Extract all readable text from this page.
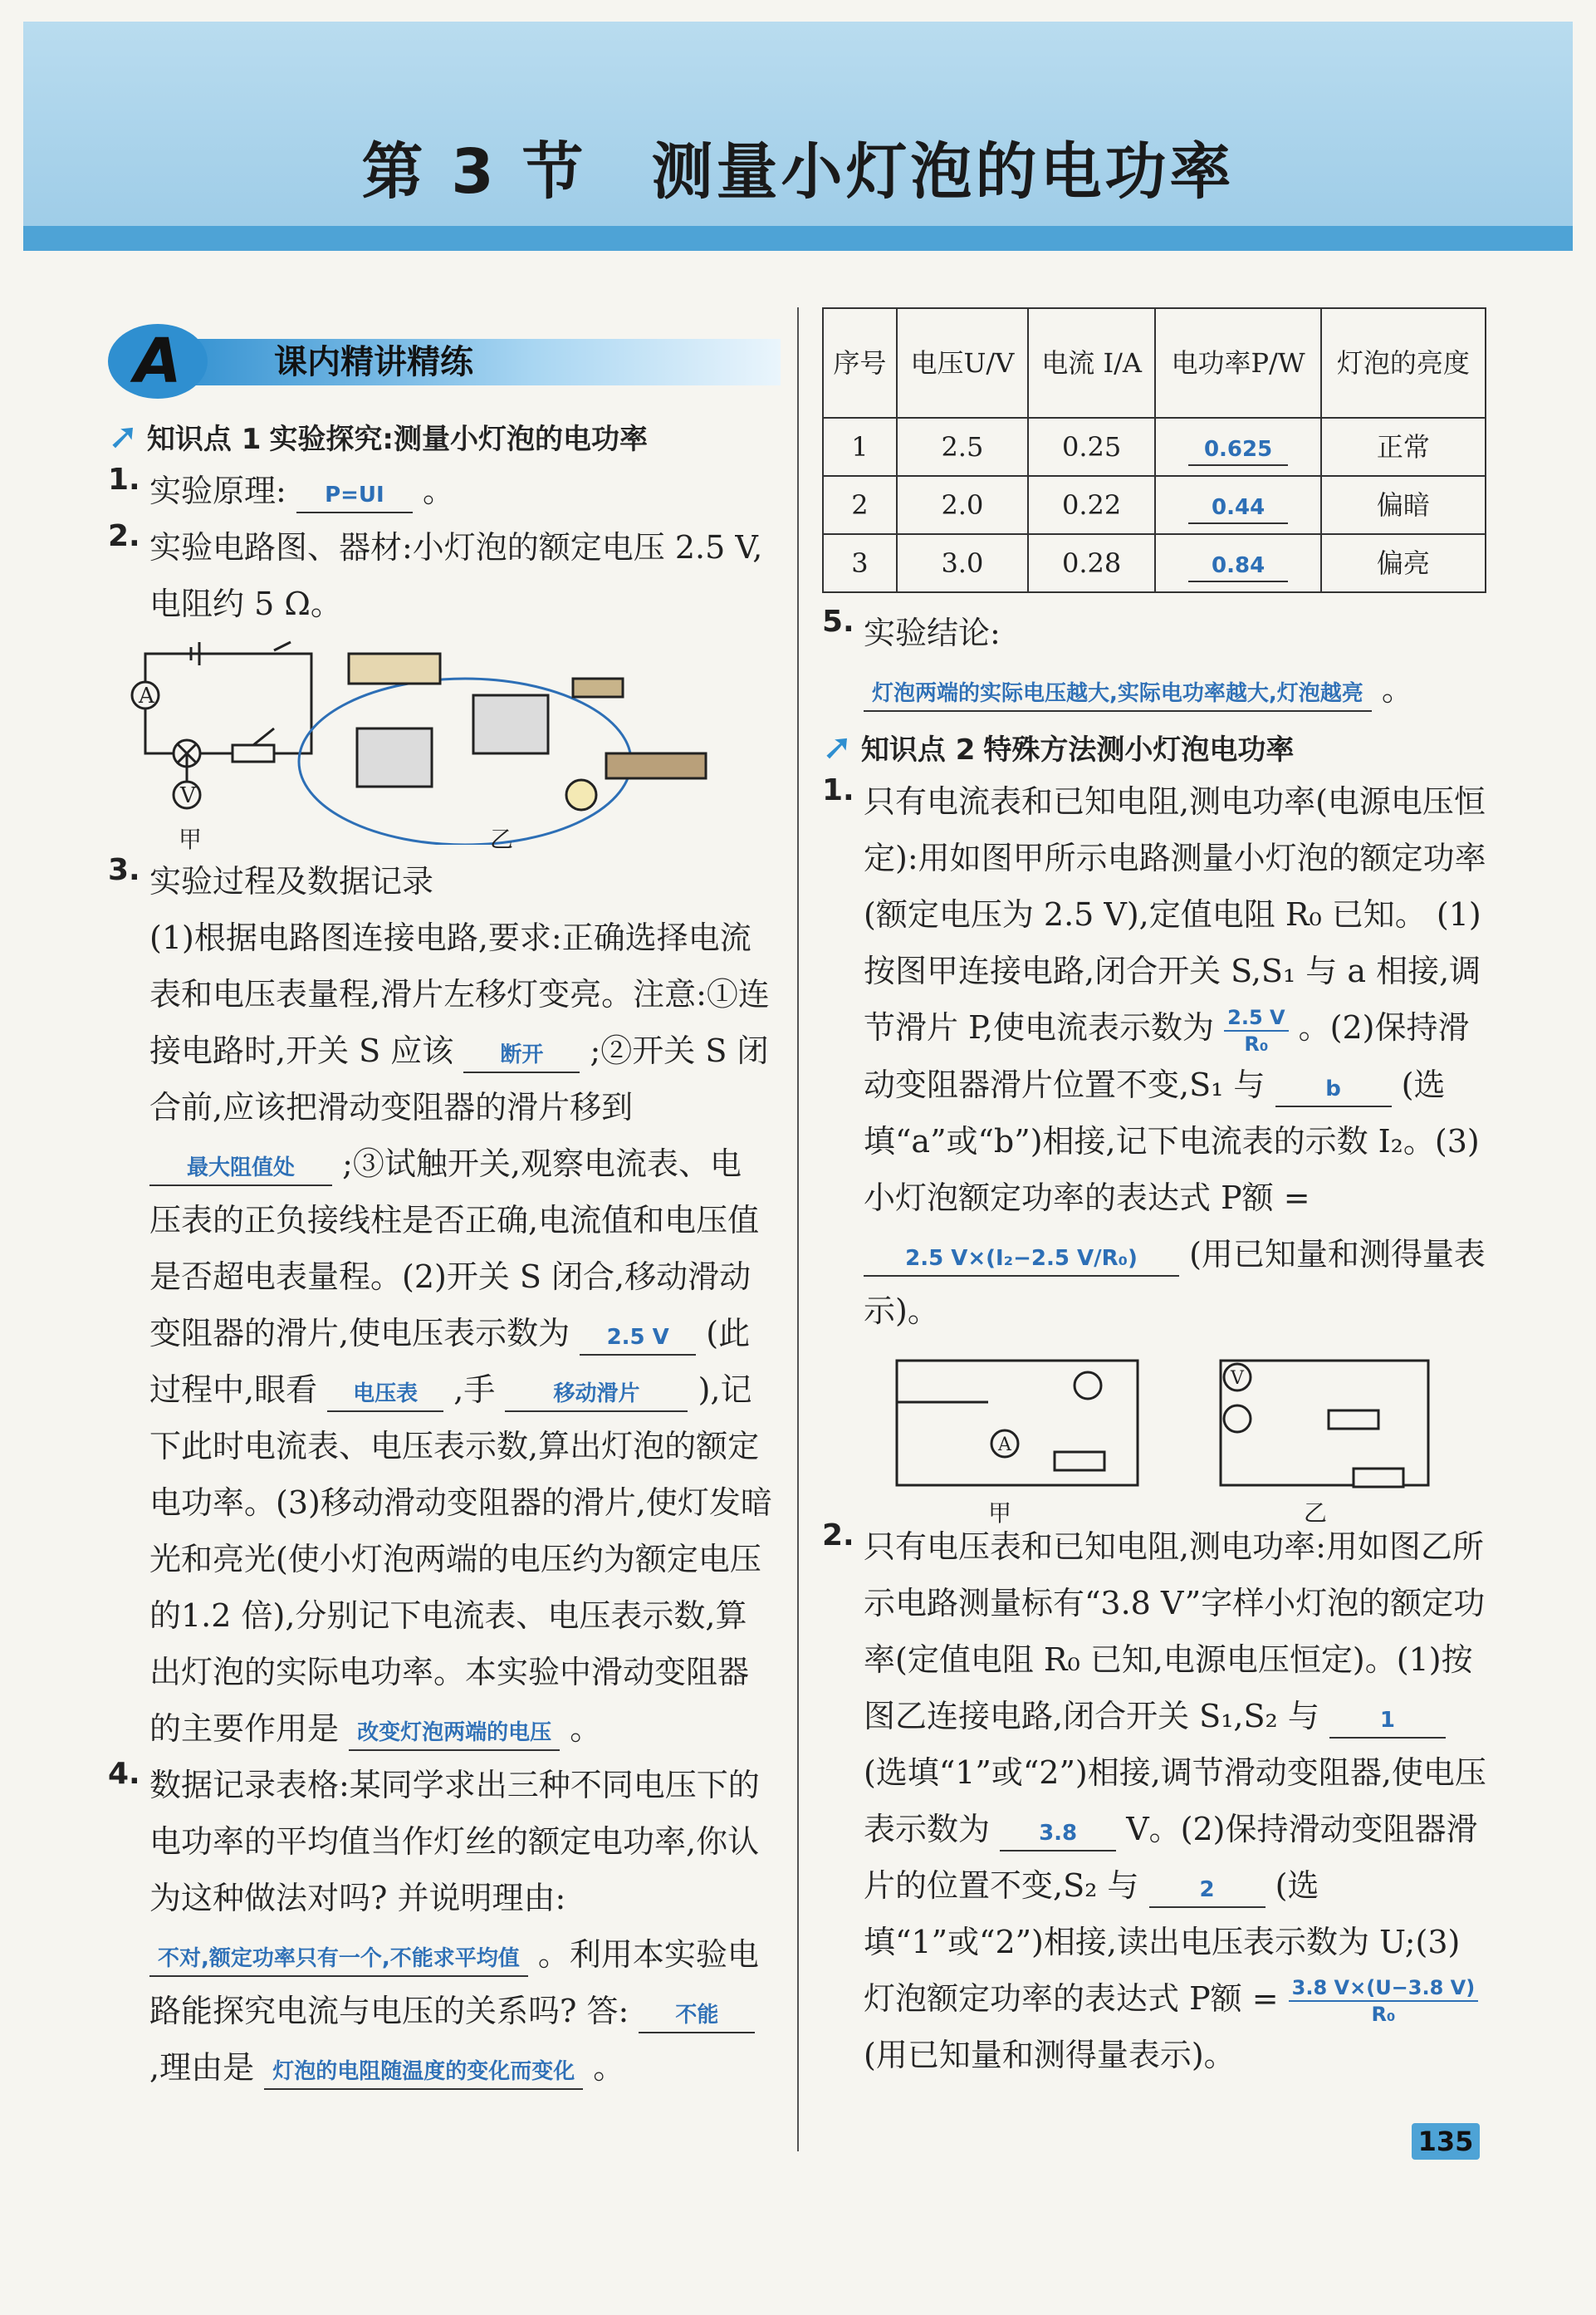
第 3 节　测量小灯泡的电功率
A	课内精讲精练
➚ 知识点 1 实验探究:测量小灯泡的电功率
1. 实验原理: P=UI 。
2. 实验电路图、器材:小灯泡的额定电压 2.5 V,电阻约 5 Ω。
A
V
甲	乙
3. 实验过程及数据记录
(1)根据电路图连接电路,要求:正确选择电流表和电压表量程,滑片左移灯变亮。注意:①连接电路时,开关 S 应该 断开 ;②开关 S 闭合前,应该把滑动变阻器的滑片移到 最大阻值处 ;③试触开关,观察电流表、电压表的正负接线柱是否正确,电流值和电压值是否超电表量程。(2)开关 S 闭合,移动滑动变阻器的滑片,使电压表示数为 2.5 V (此过程中,眼看 电压表 ,手	移动滑片 ),记下此时电流表、电压表示数,算出灯泡的额定电功率。(3)移动滑动变阻器的滑片,使灯发暗光和亮光(使小灯泡两端的电压约为额定电压的1.2 倍),分别记下电流表、电压表示数,算出灯泡的实际电功率。本实验中滑动变阻器的主要作用是 改变灯泡两端的电压 。
4. 数据记录表格:某同学求出三种不同电压下的电功率的平均值当作灯丝的额定电功率,你认为这种做法对吗? 并说明理由: 不对,额定功率只有一个,不能求平均值 。利用本实验电路能探究电流与电压的关系吗? 答: 不能 ,理由是 灯泡的电阻随温度的变化而变化 。
序号	电压U/V	电流 I/A	电功率P/W	灯泡的亮度
1	2.5	0.25	0.625	正常
2	2.0	0.22	0.44	偏暗
3	3.0	0.28	0.84	偏亮
5. 实验结论: 灯泡两端的实际电压越大,实际电功率越大,灯泡越亮 。
➚ 知识点 2 特殊方法测小灯泡电功率
1. 只有电流表和已知电阻,测电功率(电源电压恒定):用如图甲所示电路测量小灯泡的额定功率(额定电压为 2.5 V),定值电阻 R₀ 已知。 (1)按图甲连接电路,闭合开关 S,S₁ 与 a 相接,调节滑片 P,使电流表示数为 $\frac{2.5 V}{\text{R₀}}$ 。(2)保持滑动变阻器滑片位置不变,S₁ 与	b (选填“a”或“b”)相接,记下电流表的示数 I₂。(3)小灯泡额定功率的表达式 P额 = 2.5 V×(I₂−2.5 V/R₀) (用已知量和测得量表示)。
A
V
甲	乙
2. 只有电压表和已知电阻,测电功率:用如图乙所示电路测量标有“3.8 V”字样小灯泡的额定功率(定值电阻 R₀ 已知,电源电压恒定)。(1)按图乙连接电路,闭合开关 S₁,S₂ 与	1 (选填“1”或“2”)相接,调节滑动变阻器,使电压表示数为 3.8 V。(2)保持滑动变阻器滑片的位置不变,S₂ 与	2 (选填“1”或“2”)相接,读出电压表示数为 U;(3)灯泡额定功率的表达式 P额 = $\frac{3.8 V\times(U-3.8 V)}{\text{R₀}}$
(用已知量和测得量表示)。
135
